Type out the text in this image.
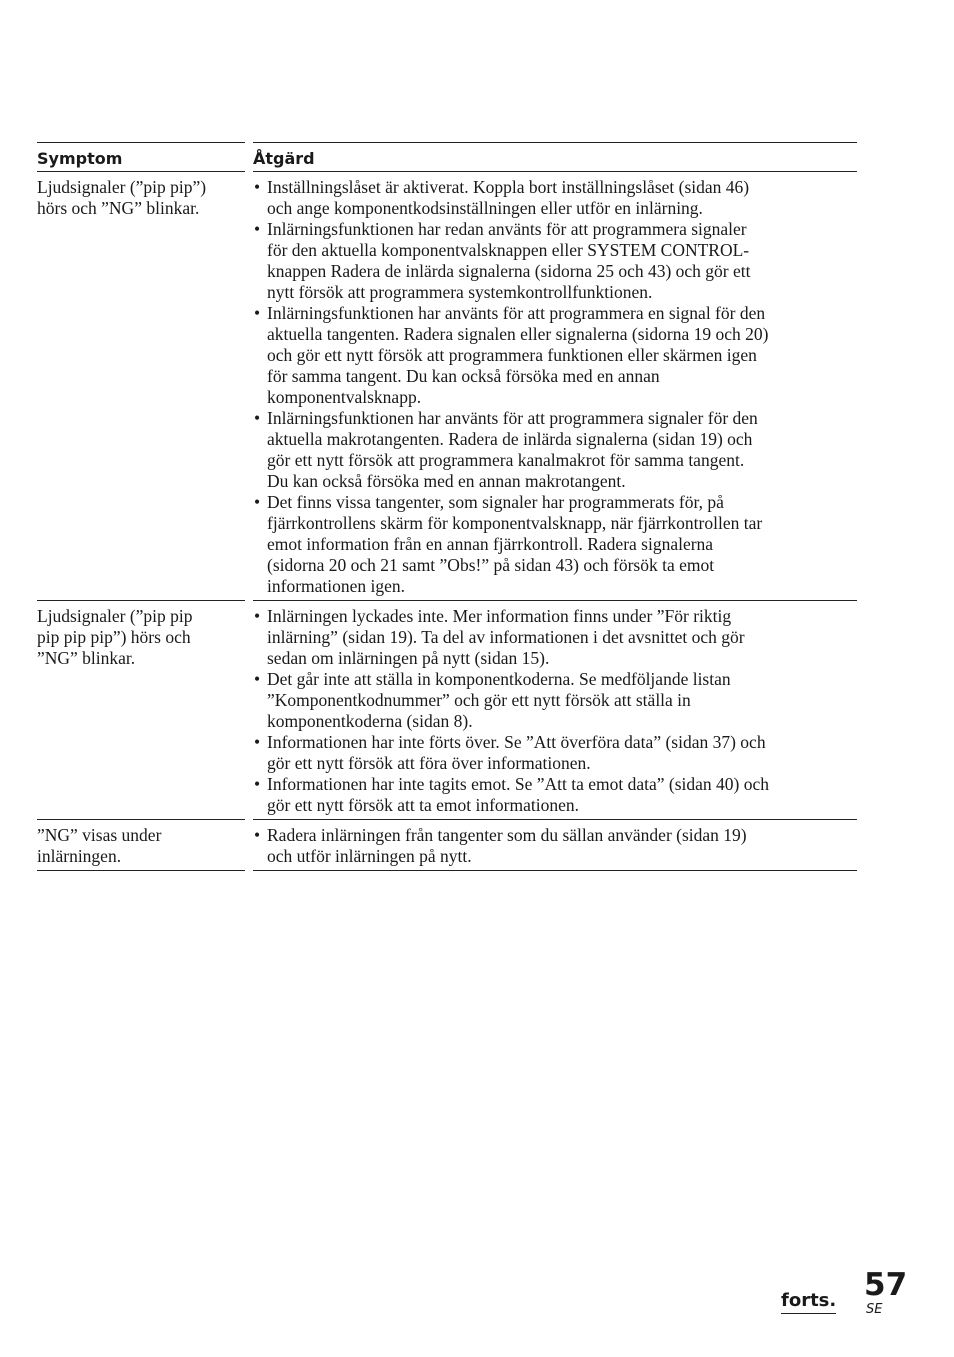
Symptom	Åtgärd
Ljudsignaler (”pip pip”)
hörs och ”NG” blinkar.
• Inställningslåset är aktiverat. Koppla bort inställningslåset (sidan 46)
och ange komponentkodsinställningen eller utför en inlärning.
• Inlärningsfunktionen har redan använts för att programmera signaler
för den aktuella komponentvalsknappen eller SYSTEM CONTROL-
knappen Radera de inlärda signalerna (sidorna 25 och 43) och gör ett
nytt försök att programmera systemkontrollfunktionen.
• Inlärningsfunktionen har använts för att programmera en signal för den
aktuella tangenten. Radera signalen eller signalerna (sidorna 19 och 20)
och gör ett nytt försök att programmera funktionen eller skärmen igen
för samma tangent. Du kan också försöka med en annan
komponentvalsknapp.
• Inlärningsfunktionen har använts för att programmera signaler för den
aktuella makrotangenten. Radera de inlärda signalerna (sidan 19) och
gör ett nytt försök att programmera kanalmakrot för samma tangent.
Du kan också försöka med en annan makrotangent.
• Det finns vissa tangenter, som signaler har programmerats för, på
fjärrkontrollens skärm för komponentvalsknapp, när fjärrkontrollen tar
emot information från en annan fjärrkontroll. Radera signalerna
(sidorna 20 och 21 samt ”Obs!” på sidan 43) och försök ta emot
informationen igen.
Ljudsignaler (”pip pip
pip pip pip”) hörs och
”NG” blinkar.
• Inlärningen lyckades inte. Mer information finns under ”För riktig
inlärning” (sidan 19). Ta del av informationen i det avsnittet och gör
sedan om inlärningen på nytt (sidan 15).
• Det går inte att ställa in komponentkoderna. Se medföljande listan
”Komponentkodnummer” och gör ett nytt försök att ställa in
komponentkoderna (sidan 8).
• Informationen har inte förts över. Se ”Att överföra data” (sidan 37) och
gör ett nytt försök att föra över informationen.
• Informationen har inte tagits emot. Se ”Att ta emot data” (sidan 40) och
gör ett nytt försök att ta emot informationen.
”NG” visas under
inlärningen.
• Radera inlärningen från tangenter som du sällan använder (sidan 19)
och utför inlärningen på nytt.
forts. 57
SE
